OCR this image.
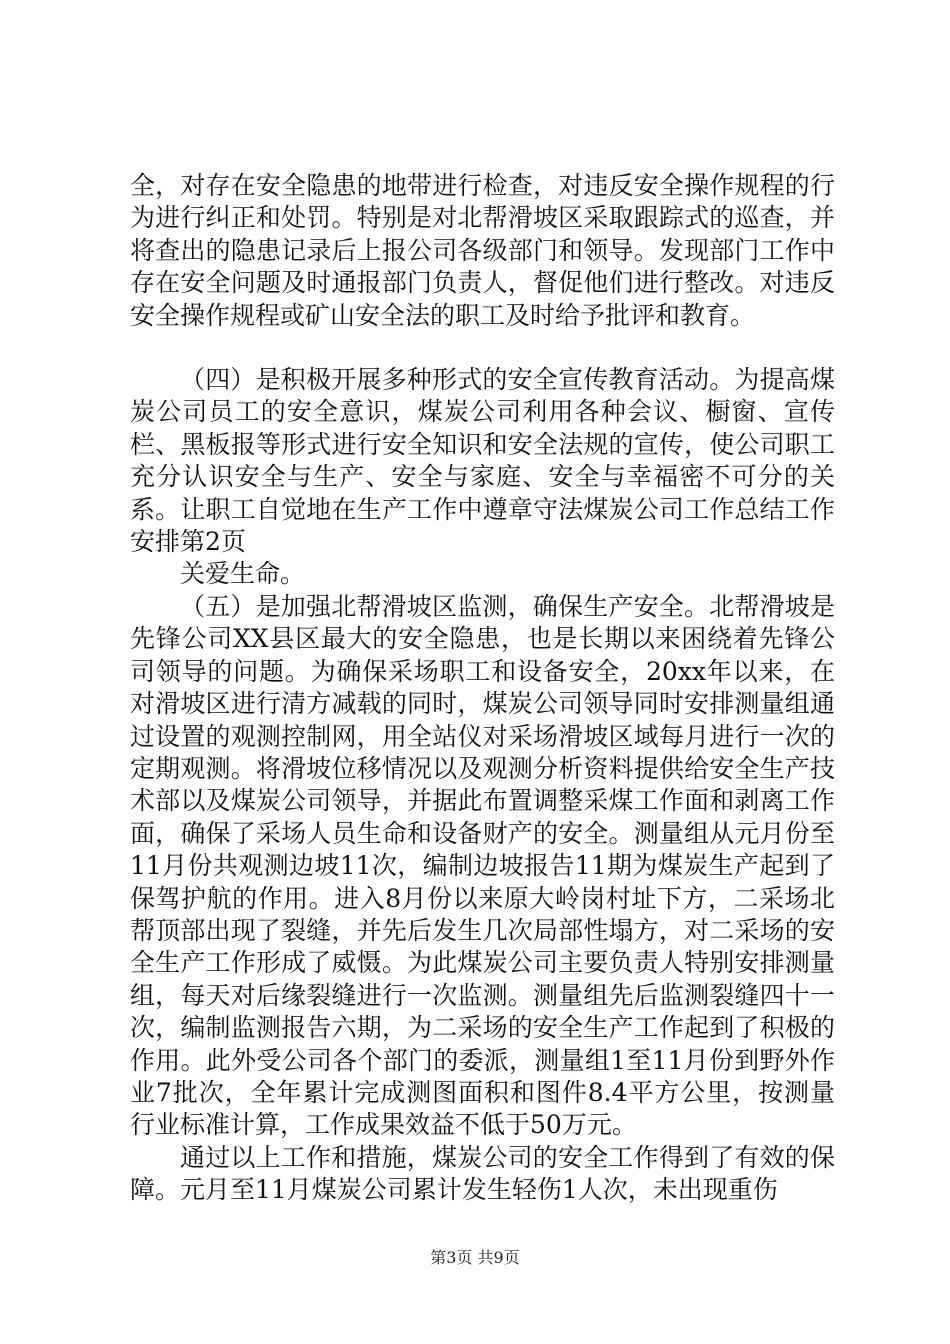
全，对存在安全隐患的地带进行检查，对违反安全操作规程的行为进行纠正和处罚。特别是对北帮滑坡区采取跟踪式的巡查，并将查出的隐患记录后上报公司各级部门和领导。发现部门工作中存在安全问题及时通报部门负责人，督促他们进行整改。对违反安全操作规程或矿山安全法的职工及时给予批评和教育。

（四）是积极开展多种形式的安全宣传教育活动。为提高煤炭公司员工的安全意识，煤炭公司利用各种会议、橱窗、宣传栏、黑板报等形式进行安全知识和安全法规的宣传，使公司职工充分认识安全与生产、安全与家庭、安全与幸福密不可分的关系。让职工自觉地在生产工作中遵章守法煤炭公司工作总结工作安排第2页

关爱生命。

（五）是加强北帮滑坡区监测，确保生产安全。北帮滑坡是先锋公司XX县区最大的安全隐患，也是长期以来困绕着先锋公司领导的问题。为确保采场职工和设备安全，20xx年以来，在对滑坡区进行清方减载的同时，煤炭公司领导同时安排测量组通过设置的观测控制网，用全站仪对采场滑坡区域每月进行一次的定期观测。将滑坡位移情况以及观测分析资料提供给安全生产技术部以及煤炭公司领导，并据此布置调整采煤工作面和剥离工作面，确保了采场人员生命和设备财产的安全。测量组从元月份至11月份共观测边坡11次，编制边坡报告11期为煤炭生产起到了保驾护航的作用。进入8月份以来原大岭岗村址下方，二采场北帮顶部出现了裂缝，并先后发生几次局部性塌方，对二采场的安全生产工作形成了威慑。为此煤炭公司主要负责人特别安排测量组，每天对后缘裂缝进行一次监测。测量组先后监测裂缝四十一次，编制监测报告六期，为二采场的安全生产工作起到了积极的作用。此外受公司各个部门的委派，测量组1至11月份到野外作业7批次，全年累计完成测图面积和图件8.4平方公里，按测量行业标准计算，工作成果效益不低于50万元。

通过以上工作和措施，煤炭公司的安全工作得到了有效的保障。元月至11月煤炭公司累计发生轻伤1人次，未出现重伤

第3页 共9页
